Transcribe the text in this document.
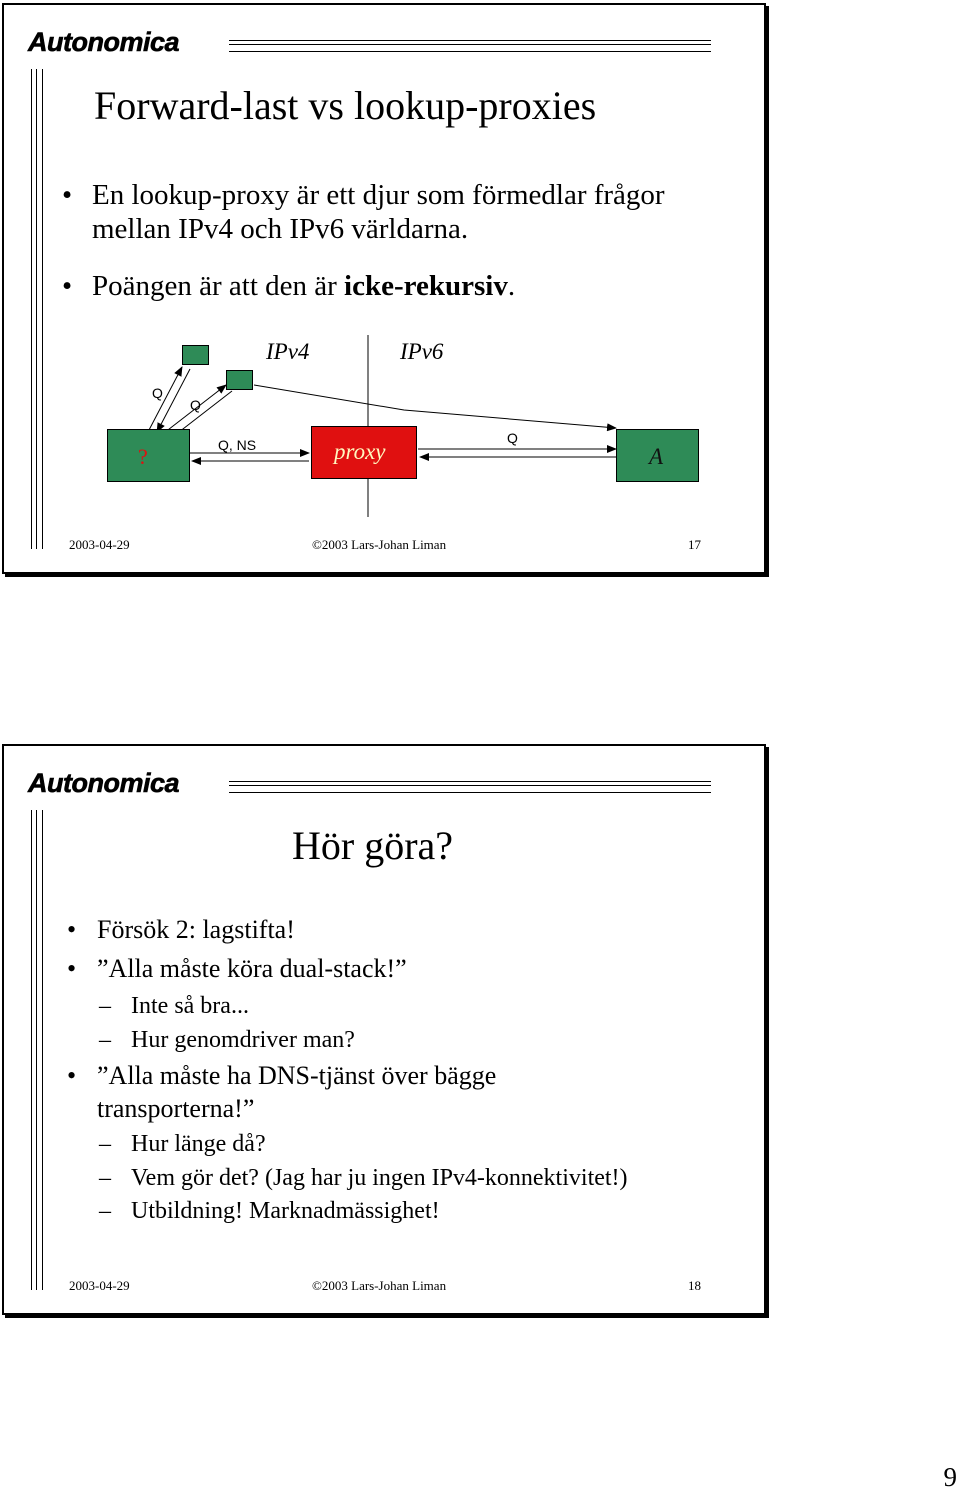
Autonomica
Forward-last vs lookup-proxies
• En lookup-proxy är ett djur som förmedlar frågor mellan IPv4 och IPv6 världarna.
• Poängen är att den är icke-rekursiv.
?	proxy	A
IPv4	IPv6
Q
Q
Q, NS	Q
2003-04-29	©2003 Lars-Johan Liman	17
Autonomica
Hör göra?
• Försök 2: lagstifta!
• ”Alla måste köra dual-stack!”
– Inte så bra...
– Hur genomdriver man?
• ”Alla måste ha DNS-tjänst över bägge
transporterna!”
– Hur länge då?
– Vem gör det? (Jag har ju ingen IPv4-konnektivitet!)
– Utbildning! Marknadmässighet!
2003-04-29	©2003 Lars-Johan Liman	18
9
